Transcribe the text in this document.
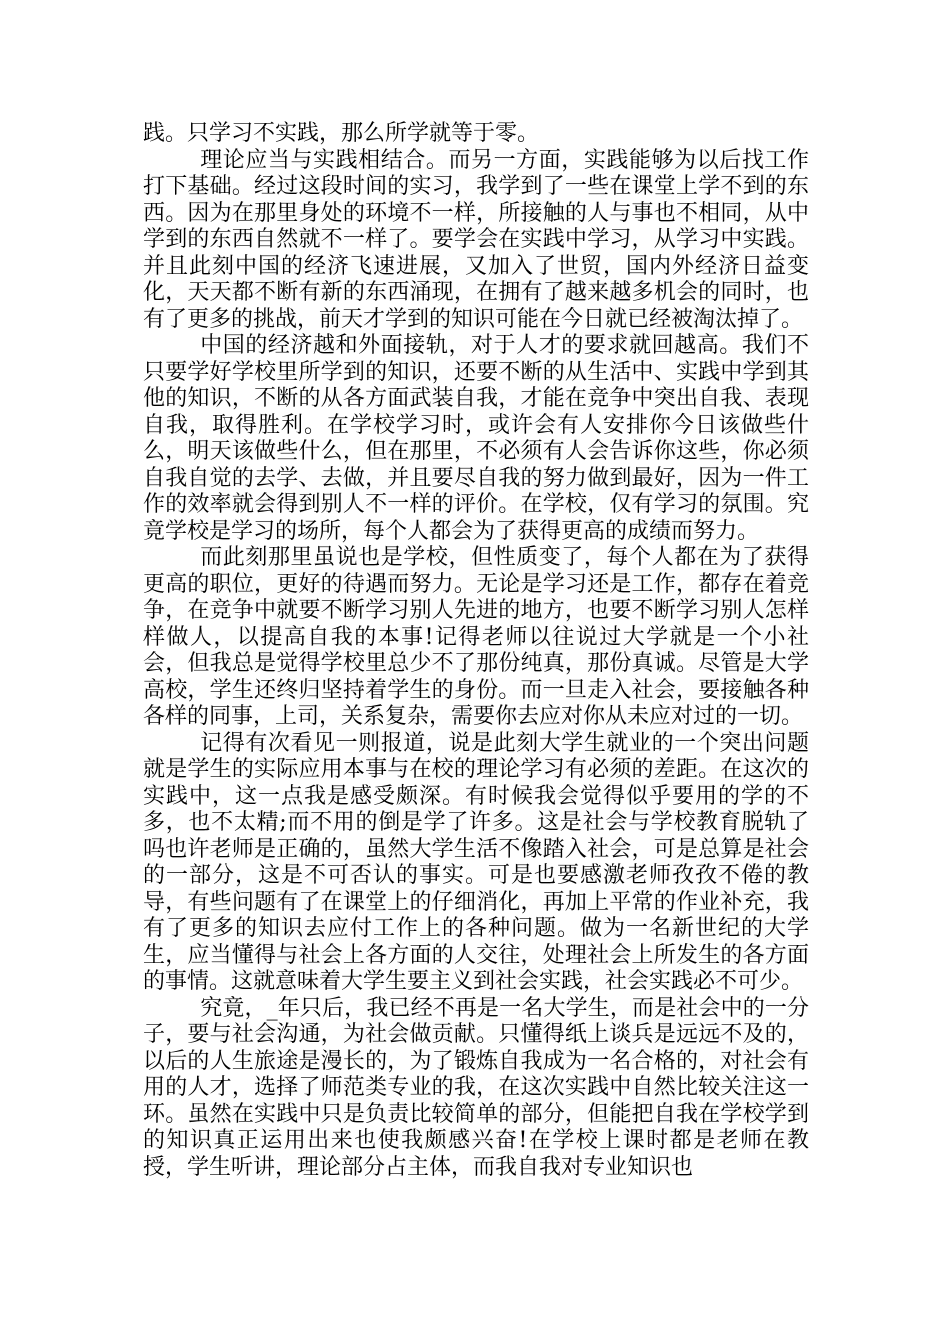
践。只学习不实践，那么所学就等于零。

理论应当与实践相结合。而另一方面，实践能够为以后找工作打下基础。经过这段时间的实习，我学到了一些在课堂上学不到的东西。因为在那里身处的环境不一样，所接触的人与事也不相同，从中学到的东西自然就不一样了。要学会在实践中学习，从学习中实践。并且此刻中国的经济飞速进展，又加入了世贸，国内外经济日益变化，天天都不断有新的东西涌现，在拥有了越来越多机会的同时，也有了更多的挑战，前天才学到的知识可能在今日就已经被淘汰掉了。

中国的经济越和外面接轨，对于人才的要求就回越高。我们不只要学好学校里所学到的知识，还要不断的从生活中、实践中学到其他的知识，不断的从各方面武装自我，才能在竞争中突出自我、表现自我，取得胜利。在学校学习时，或许会有人安排你今日该做些什么，明天该做些什么，但在那里，不必须有人会告诉你这些，你必须自我自觉的去学、去做，并且要尽自我的努力做到最好，因为一件工作的效率就会得到别人不一样的评价。在学校，仅有学习的氛围。究竟学校是学习的场所，每个人都会为了获得更高的成绩而努力。

而此刻那里虽说也是学校，但性质变了，每个人都在为了获得更高的职位，更好的待遇而努力。无论是学习还是工作，都存在着竞争，在竞争中就要不断学习别人先进的地方，也要不断学习别人怎样样做人，以提高自我的本事!记得老师以往说过大学就是一个小社会，但我总是觉得学校里总少不了那份纯真，那份真诚。尽管是大学高校，学生还终归坚持着学生的身份。而一旦走入社会，要接触各种各样的同事，上司，关系复杂，需要你去应对你从未应对过的一切。

记得有次看见一则报道，说是此刻大学生就业的一个突出问题就是学生的实际应用本事与在校的理论学习有必须的差距。在这次的实践中，这一点我是感受颇深。有时候我会觉得似乎要用的学的不多，也不太精;而不用的倒是学了许多。这是社会与学校教育脱轨了吗也许老师是正确的，虽然大学生活不像踏入社会，可是总算是社会的一部分，这是不可否认的事实。可是也要感激老师孜孜不倦的教导，有些问题有了在课堂上的仔细消化，再加上平常的作业补充，我有了更多的知识去应付工作上的各种问题。做为一名新世纪的大学生，应当懂得与社会上各方面的人交往，处理社会上所发生的各方面的事情。这就意味着大学生要主义到社会实践，社会实践必不可少。

究竟，_年只后，我已经不再是一名大学生，而是社会中的一分子，要与社会沟通，为社会做贡献。只懂得纸上谈兵是远远不及的，以后的人生旅途是漫长的，为了锻炼自我成为一名合格的，对社会有用的人才，选择了师范类专业的我，在这次实践中自然比较关注这一环。虽然在实践中只是负责比较简单的部分，但能把自我在学校学到的知识真正运用出来也使我颇感兴奋!在学校上课时都是老师在教授，学生听讲，理论部分占主体，而我自我对专业知识也
